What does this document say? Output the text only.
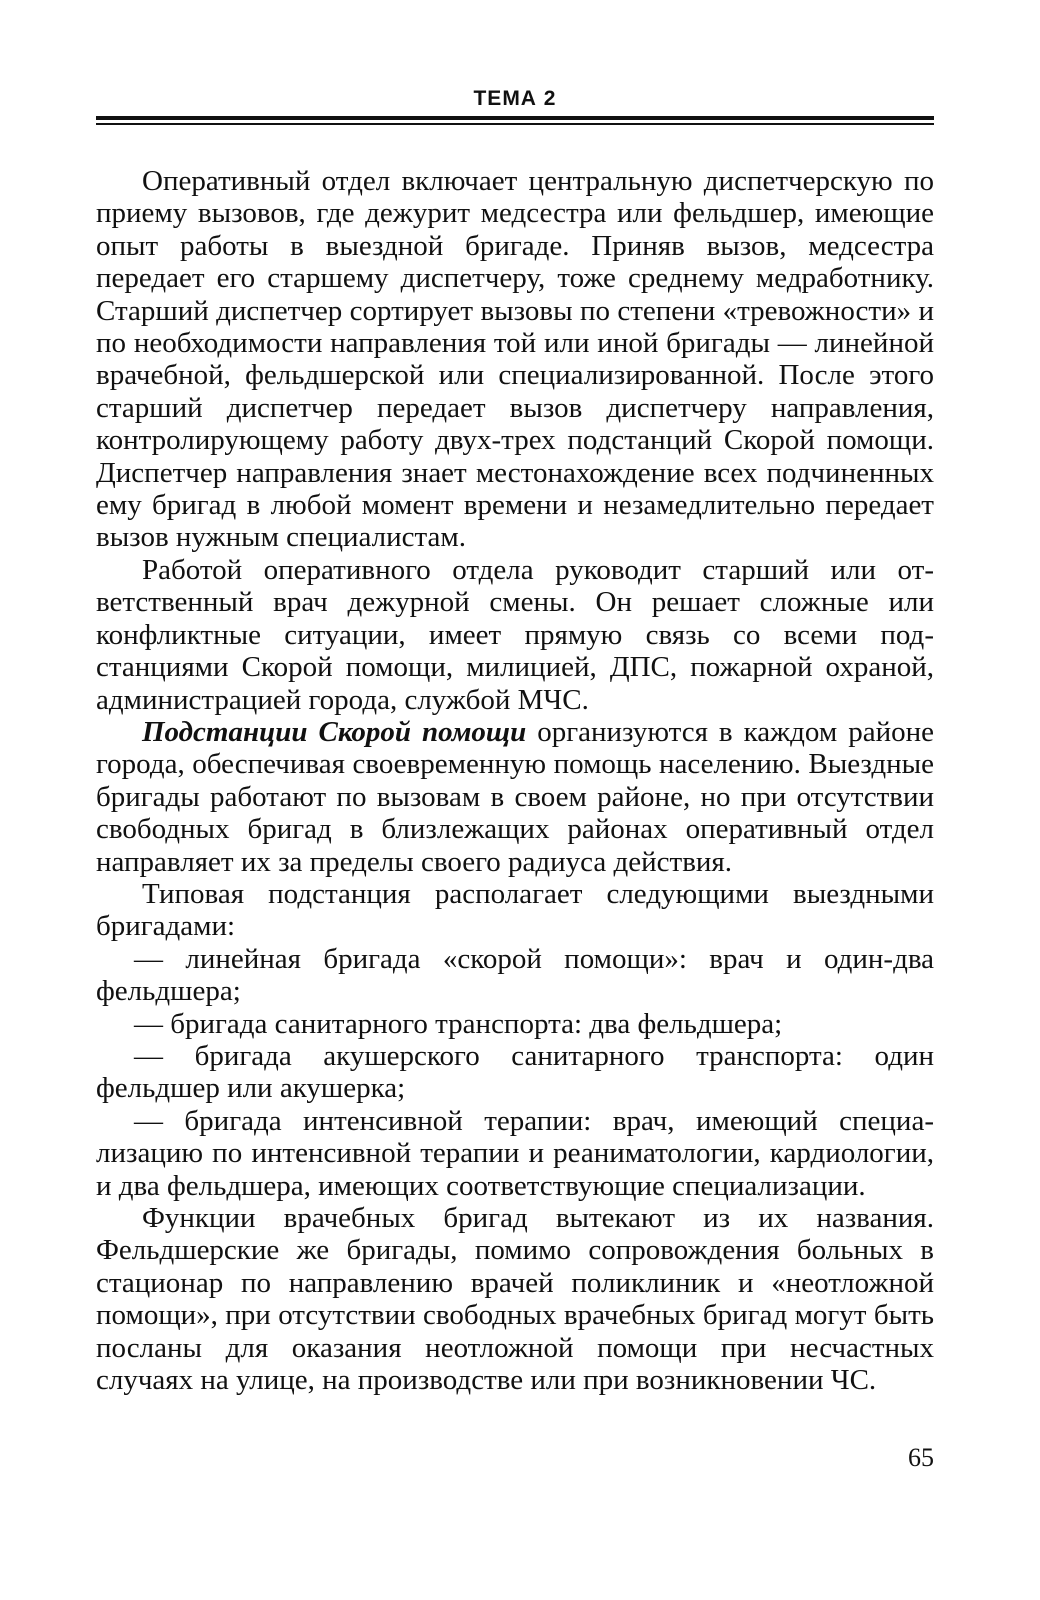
ТЕМА 2

Оперативный отдел включает центральную диспетчерскую по приему вызовов, где дежурит медсестра или фельдшер, имеющие опыт работы в выездной бригаде. Приняв вызов, медсестра передает его старшему диспетчеру, тоже среднему медработнику. Старший диспетчер сортирует вызовы по степени «тревожности» и по необходимости направления той или иной бригады — линейной врачебной, фельдшерской или специализированной. После этого старший диспетчер передает вызов диспетчеру направления, контролирующему работу двух-трех подстанций Скорой помощи. Диспетчер направления знает местонахождение всех подчиненных ему бригад в любой момент времени и незамедлительно передает вызов нужным специалистам.

Работой оперативного отдела руководит старший или ответственный врач дежурной смены. Он решает сложные или конфликтные ситуации, имеет прямую связь со всеми подстанциями Скорой помощи, милицией, ДПС, пожарной охраной, администрацией города, службой МЧС.

Подстанции Скорой помощи организуются в каждом районе города, обеспечивая своевременную помощь населению. Выездные бригады работают по вызовам в своем районе, но при отсутствии свободных бригад в близлежащих районах оперативный отдел направляет их за пределы своего радиуса действия.

Типовая подстанция располагает следующими выездными бригадами:

— линейная бригада «скорой помощи»: врач и один-два фельдшера;

— бригада санитарного транспорта: два фельдшера;

— бригада акушерского санитарного транспорта: один фельдшер или акушерка;

— бригада интенсивной терапии: врач, имеющий специализацию по интенсивной терапии и реаниматологии, кардиологии, и два фельдшера, имеющих соответствующие специализации.

Функции врачебных бригад вытекают из их названия. Фельдшерские же бригады, помимо сопровождения больных в стационар по направлению врачей поликлиник и «неотложной помощи», при отсутствии свободных врачебных бригад могут быть посланы для оказания неотложной помощи при несчастных случаях на улице, на производстве или при возникновении ЧС.

65
